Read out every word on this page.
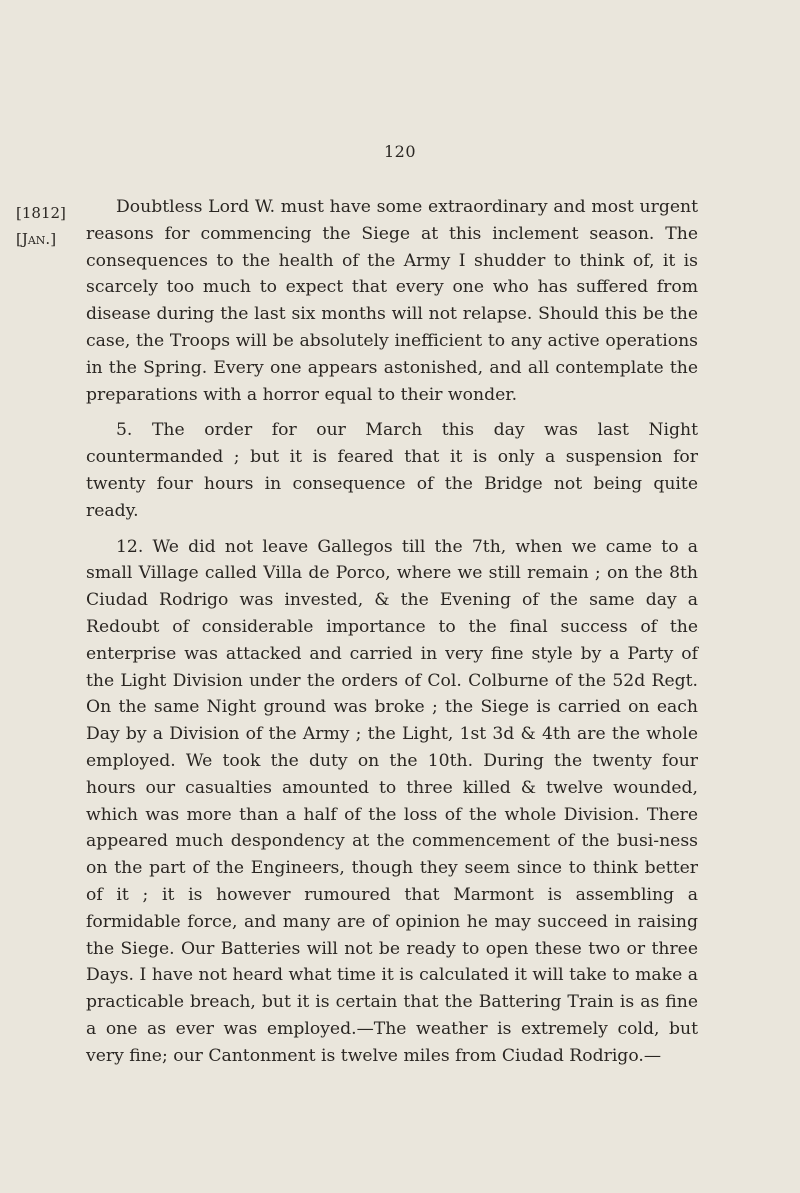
120
[1812]
[Jan.]

Doubtless Lord W. must have some extraordinary and most urgent reasons for commencing the Siege at this inclement season. The consequences to the health of the Army I shudder to think of, it is scarcely too much to expect that every one who has suffered from disease during the last six months will not relapse. Should this be the case, the Troops will be absolutely inefficient to any active operations in the Spring. Every one appears astonished, and all contemplate the preparations with a horror equal to their wonder.

5. The order for our March this day was last Night countermanded ; but it is feared that it is only a suspension for twenty four hours in consequence of the Bridge not being quite ready.

12. We did not leave Gallegos till the 7th, when we came to a small Village called Villa de Porco, where we still remain ; on the 8th Ciudad Rodrigo was invested, & the Evening of the same day a Redoubt of considerable importance to the final success of the enterprise was attacked and carried in very fine style by a Party of the Light Division under the orders of Col. Colburne of the 52d Regt. On the same Night ground was broke ; the Siege is carried on each Day by a Division of the Army ; the Light, 1st 3d & 4th are the whole employed. We took the duty on the 10th. During the twenty four hours our casualties amounted to three killed & twelve wounded, which was more than a half of the loss of the whole Division. There appeared much despondency at the commencement of the busi-ness on the part of the Engineers, though they seem since to think better of it ; it is however rumoured that Marmont is assembling a formidable force, and many are of opinion he may succeed in raising the Siege. Our Batteries will not be ready to open these two or three Days. I have not heard what time it is calculated it will take to make a practicable breach, but it is certain that the Battering Train is as fine a one as ever was employed.—The weather is extremely cold, but very fine; our Cantonment is twelve miles from Ciudad Rodrigo.—
